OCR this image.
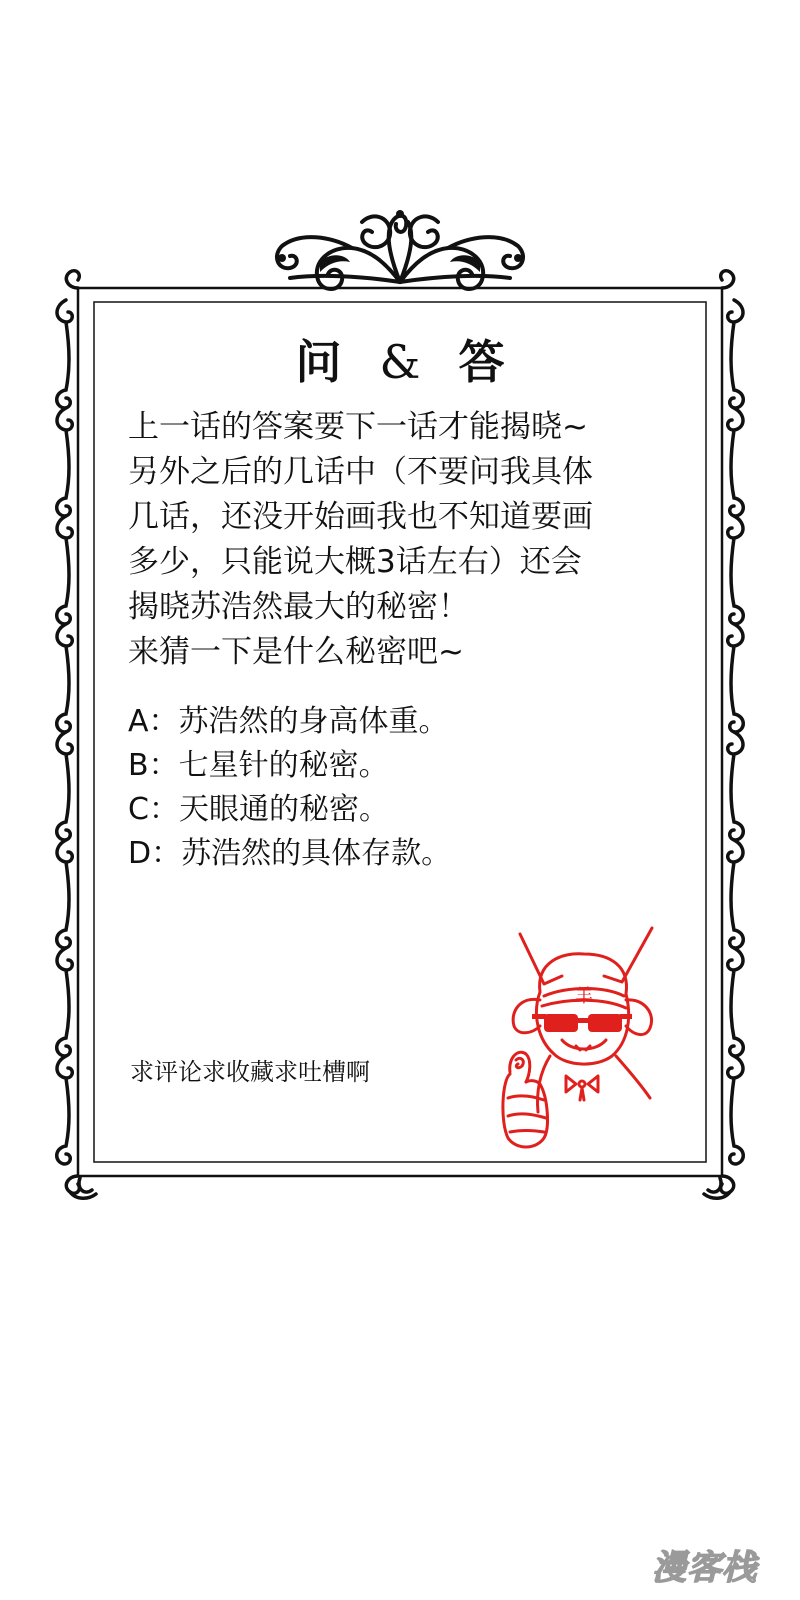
问 & 答
上一话的答案要下一话才能揭晓~
另外之后的几话中（不要问我具体
几话，还没开始画我也不知道要画
多少，只能说大概3话左右）还会
揭晓苏浩然最大的秘密！
来猜一下是什么秘密吧~
A：苏浩然的身高体重。
B：七星针的秘密。
C：天眼通的秘密。
D：苏浩然的具体存款。
求评论求收藏求吐槽啊
羊
漫客栈
